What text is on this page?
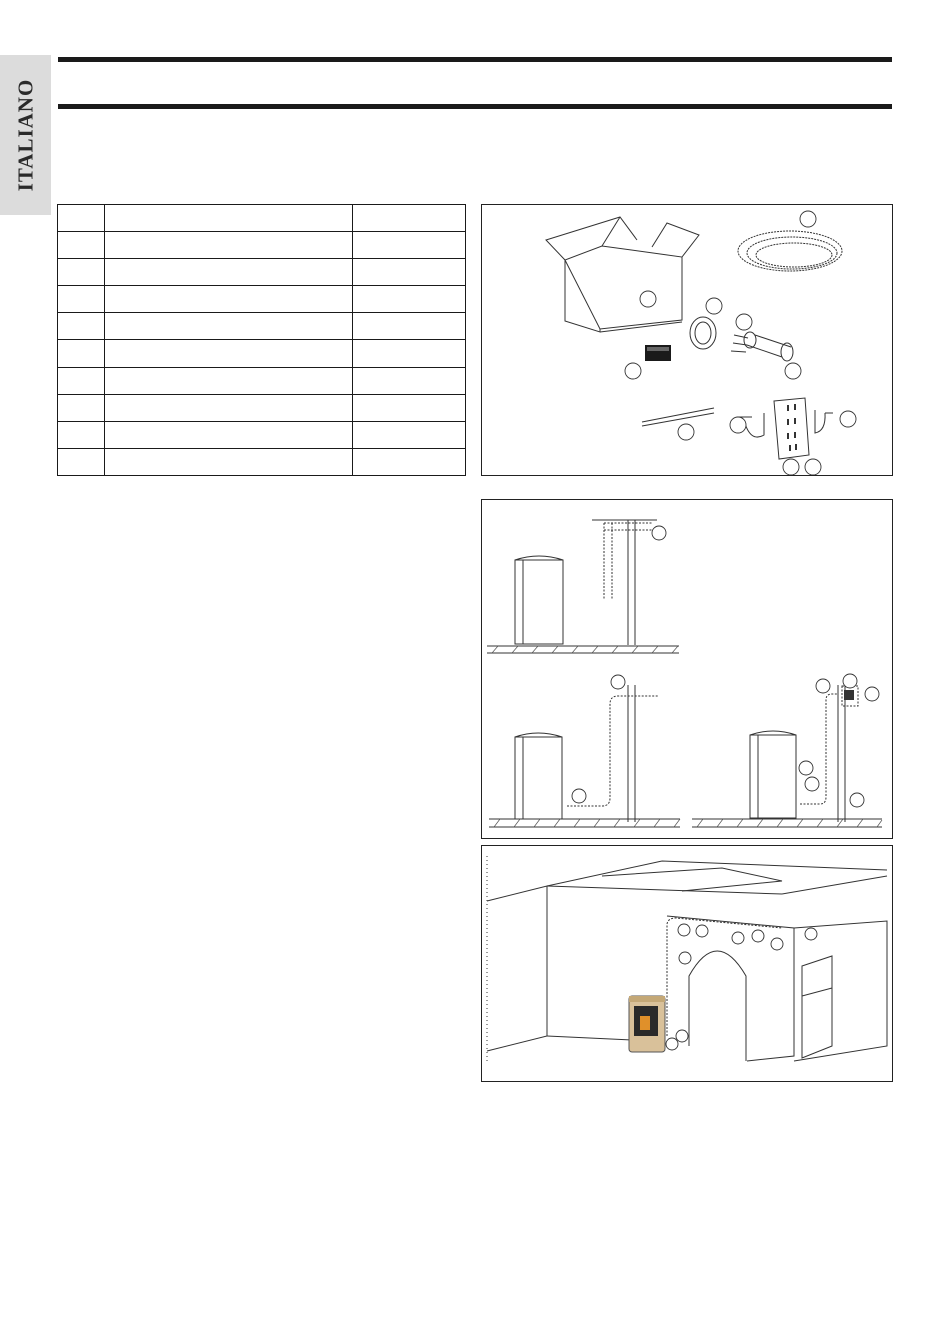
ITALIANO
